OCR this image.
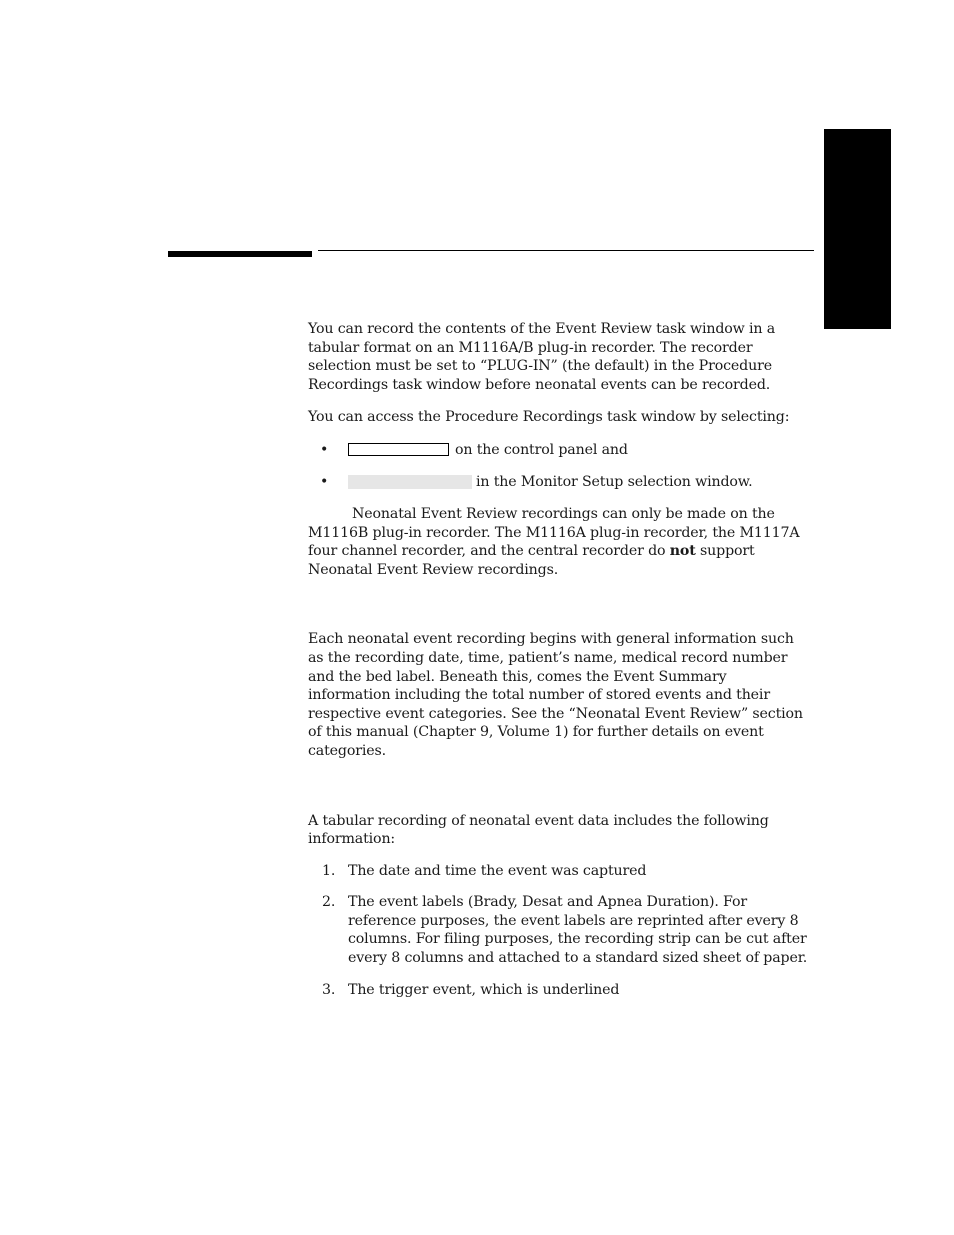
You can record the contents of the Event Review task window in a tabular format on an M1116A/B plug-in recorder. The recorder selection must be set to “PLUG-IN” (the default) in the Procedure Recordings task window before neonatal events can be recorded.

You can access the Procedure Recordings task window by selecting:

•	on the control panel and
•	in the Monitor Setup selection window.

Neonatal Event Review recordings can only be made on the M1116B plug-in recorder. The M1116A plug-in recorder, the M1117A four channel recorder, and the central recorder do not support Neonatal Event Review recordings.

Each neonatal event recording begins with general information such as the recording date, time, patient’s name, medical record number and the bed label. Beneath this, comes the Event Summary information including the total number of stored events and their respective event categories. See the “Neonatal Event Review” section of this manual (Chapter 9, Volume 1) for further details on event categories.

A tabular recording of neonatal event data includes the following information:

1. The date and time the event was captured
2. The event labels (Brady, Desat and Apnea Duration). For reference purposes, the event labels are reprinted after every 8 columns. For filing purposes, the recording strip can be cut after every 8 columns and attached to a standard sized sheet of paper.
3. The trigger event, which is underlined
